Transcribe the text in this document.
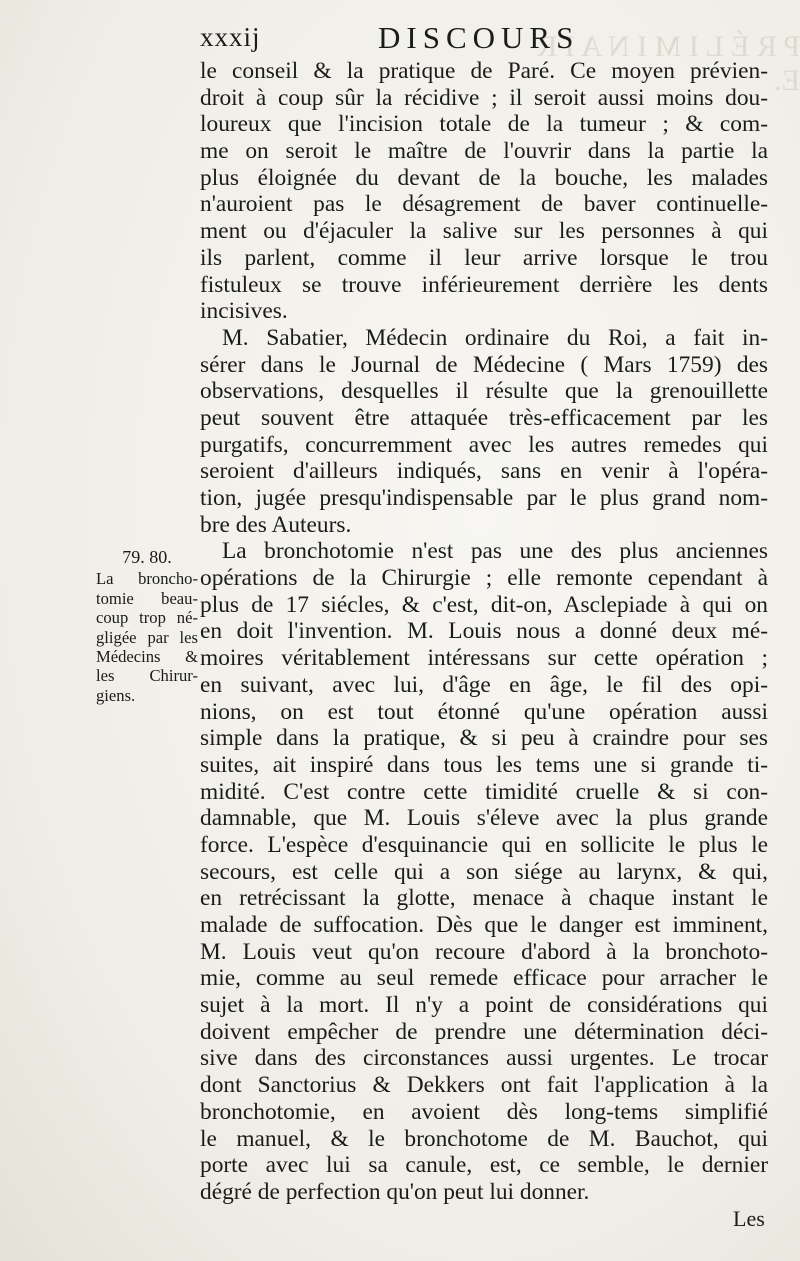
P R É L I M I N A I R E.
xxxij	DISCOURS
79. 80.
La broncho-
tomie beau-
coup trop né-
gligée par les
Médecins &
les Chirur-
giens.
le conseil & la pratique de Paré. Ce moyen prévien-
droit à coup sûr la récidive ; il seroit aussi moins dou-
loureux que l'incision totale de la tumeur ; & com-
me on seroit le maître de l'ouvrir dans la partie la
plus éloignée du devant de la bouche, les malades
n'auroient pas le désagrement de baver continuelle-
ment ou d'éjaculer la salive sur les personnes à qui
ils parlent, comme il leur arrive lorsque le trou
fistuleux se trouve inférieurement derrière les dents
incisives.
M. Sabatier, Médecin ordinaire du Roi, a fait in-
sérer dans le Journal de Médecine ( Mars 1759) des
observations, desquelles il résulte que la grenouillette
peut souvent être attaquée très-efficacement par les
purgatifs, concurremment avec les autres remedes qui
seroient d'ailleurs indiqués, sans en venir à l'opéra-
tion, jugée presqu'indispensable par le plus grand nom-
bre des Auteurs.
La bronchotomie n'est pas une des plus anciennes
opérations de la Chirurgie ; elle remonte cependant à
plus de 17 siécles, & c'est, dit-on, Asclepiade à qui on
en doit l'invention. M. Louis nous a donné deux mé-
moires véritablement intéressans sur cette opération ;
en suivant, avec lui, d'âge en âge, le fil des opi-
nions, on est tout étonné qu'une opération aussi
simple dans la pratique, & si peu à craindre pour ses
suites, ait inspiré dans tous les tems une si grande ti-
midité. C'est contre cette timidité cruelle & si con-
damnable, que M. Louis s'éleve avec la plus grande
force. L'espèce d'esquinancie qui en sollicite le plus le
secours, est celle qui a son siége au larynx, & qui,
en retrécissant la glotte, menace à chaque instant le
malade de suffocation. Dès que le danger est imminent,
M. Louis veut qu'on recoure d'abord à la bronchoto-
mie, comme au seul remede efficace pour arracher le
sujet à la mort. Il n'y a point de considérations qui
doivent empêcher de prendre une détermination déci-
sive dans des circonstances aussi urgentes. Le trocar
dont Sanctorius & Dekkers ont fait l'application à la
bronchotomie, en avoient dès long-tems simplifié
le manuel, & le bronchotome de M. Bauchot, qui
porte avec lui sa canule, est, ce semble, le dernier
dégré de perfection qu'on peut lui donner.
Les
